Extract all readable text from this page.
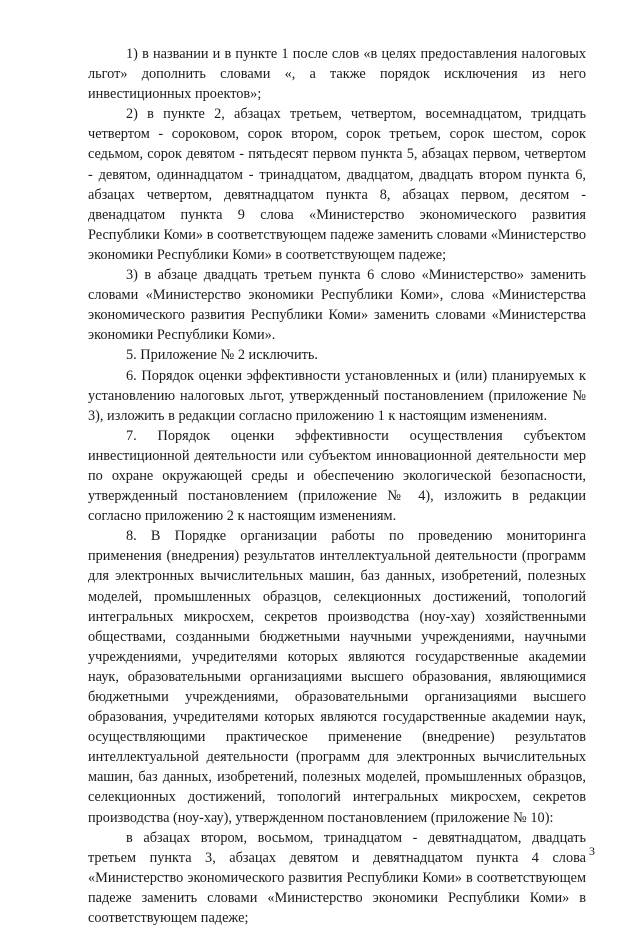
1) в названии и в пункте 1 после слов «в целях предоставления налоговых льгот» дополнить словами «, а также порядок исключения из него инвестиционных проектов»;

2) в пункте 2, абзацах третьем, четвертом, восемнадцатом, тридцать четвертом - сороковом, сорок втором, сорок третьем, сорок шестом, сорок седьмом, сорок девятом - пятьдесят первом пункта 5, абзацах первом, четвертом - девятом, одиннадцатом - тринадцатом, двадцатом, двадцать втором пункта 6, абзацах четвертом, девятнадцатом пункта 8, абзацах первом, десятом - двенадцатом пункта 9 слова «Министерство экономического развития Республики Коми» в соответствующем падеже заменить словами «Министерство экономики Республики Коми» в соответствующем падеже;

3) в абзаце двадцать третьем пункта 6 слово «Министерство» заменить словами «Министерство экономики Республики Коми», слова «Министерства экономического развития Республики Коми» заменить словами «Министерства экономики Республики Коми».

5. Приложение № 2 исключить.

6. Порядок оценки эффективности установленных и (или) планируемых к установлению налоговых льгот, утвержденный постановлением (приложение № 3), изложить в редакции согласно приложению 1 к настоящим изменениям.

7. Порядок оценки эффективности осуществления субъектом инвестиционной деятельности или субъектом инновационной деятельности мер по охране окружающей среды и обеспечению экологической безопасности, утвержденный постановлением (приложение № 4), изложить в редакции согласно приложению 2 к настоящим изменениям.

8. В Порядке организации работы по проведению мониторинга применения (внедрения) результатов интеллектуальной деятельности (программ для электронных вычислительных машин, баз данных, изобретений, полезных моделей, промышленных образцов, селекционных достижений, топологий интегральных микросхем, секретов производства (ноу-хау) хозяйственными обществами, созданными бюджетными научными учреждениями, научными учреждениями, учредителями которых являются государственные академии наук, образовательными организациями высшего образования, являющимися бюджетными учреждениями, образовательными организациями высшего образования, учредителями которых являются государственные академии наук, осуществляющими практическое применение (внедрение) результатов интеллектуальной деятельности (программ для электронных вычислительных машин, баз данных, изобретений, полезных моделей, промышленных образцов, селекционных достижений, топологий интегральных микросхем, секретов производства (ноу-хау), утвержденном постановлением (приложение № 10):

в абзацах втором, восьмом, тринадцатом - девятнадцатом, двадцать третьем пункта 3, абзацах девятом и девятнадцатом пункта 4 слова «Министерство экономического развития Республики Коми» в соответствующем падеже заменить словами «Министерство экономики Республики Коми» в соответствующем падеже;

3
